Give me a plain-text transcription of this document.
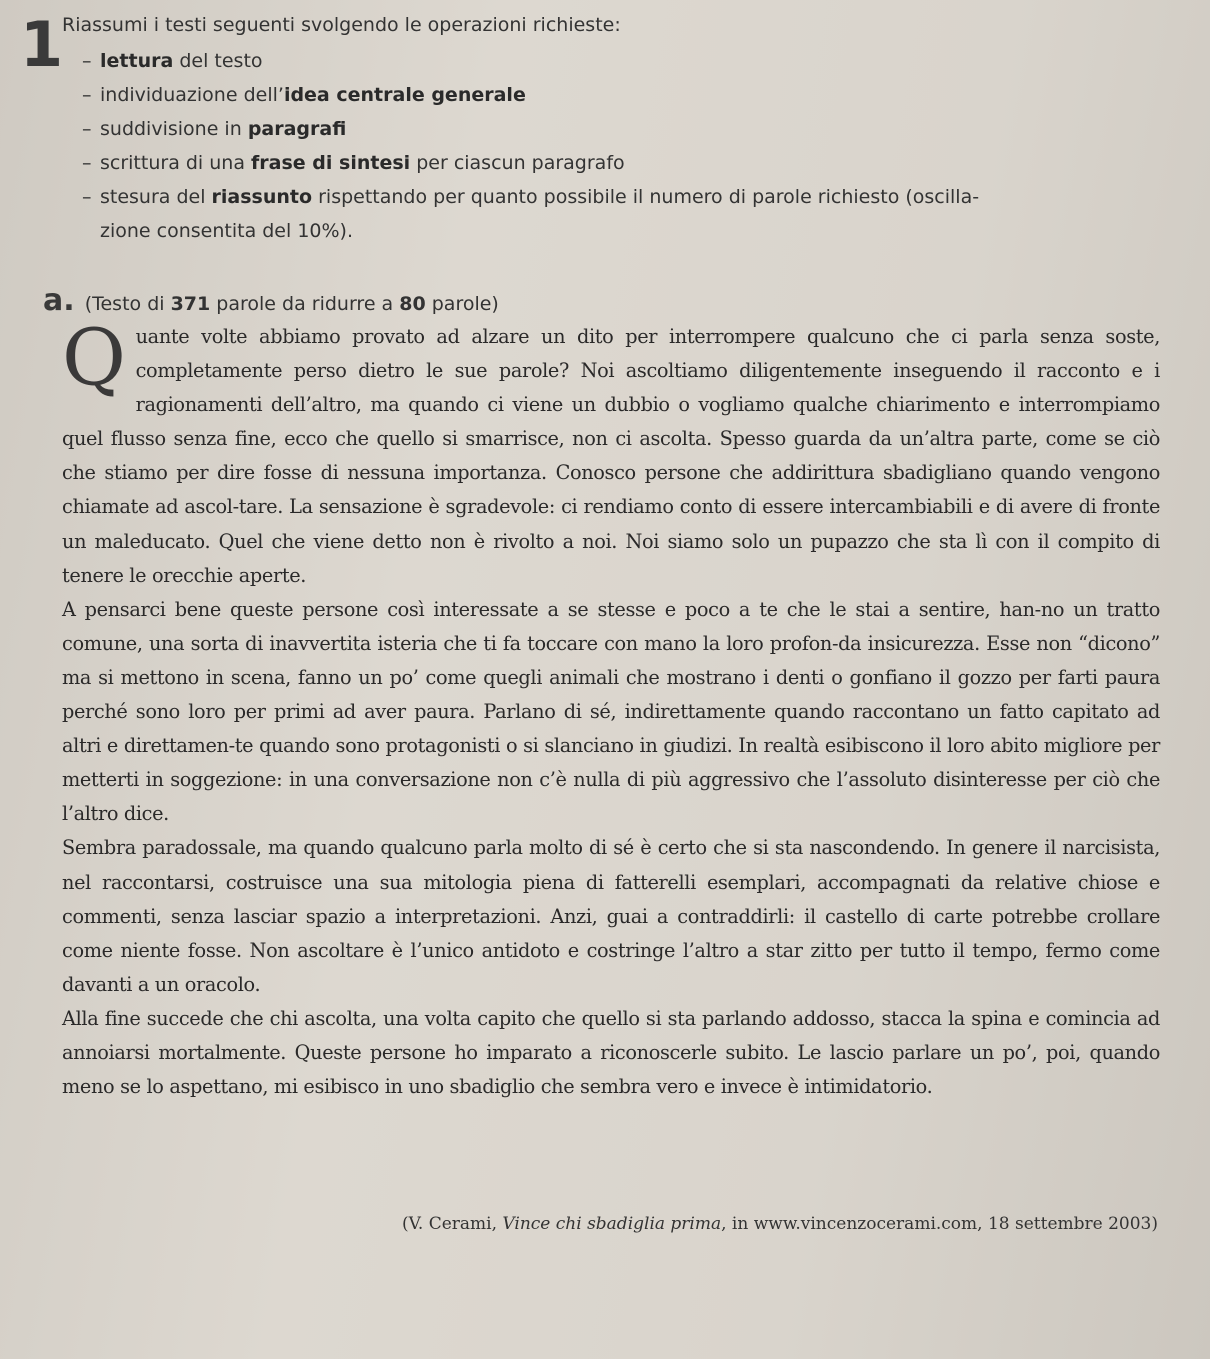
1
Riassumi i testi seguenti svolgendo le operazioni richieste:
– lettura del testo
– individuazione dell’idea centrale generale
– suddivisione in paragrafi
– scrittura di una frase di sintesi per ciascun paragrafo
– stesura del riassunto rispettando per quanto possibile il numero di parole richiesto (oscilla-
zione consentita del 10%).
a. (Testo di 371 parole da ridurre a 80 parole)

Quante volte abbiamo provato ad alzare un dito per interrompere qualcuno che ci parla senza soste, completamente perso dietro le sue parole? Noi ascoltiamo diligentemente inseguendo il racconto e i ragionamenti dell’altro, ma quando ci viene un dubbio o vogliamo qualche chiarimento e interrompiamo quel flusso senza fine, ecco che quello si smarrisce, non ci ascolta. Spesso guarda da un’altra parte, come se ciò che stiamo per dire fosse di nessuna importanza. Conosco persone che addirittura sbadigliano quando vengono chiamate ad ascol-tare. La sensazione è sgradevole: ci rendiamo conto di essere intercambiabili e di avere di fronte un maleducato. Quel che viene detto non è rivolto a noi. Noi siamo solo un pupazzo che sta lì con il compito di tenere le orecchie aperte.

A pensarci bene queste persone così interessate a se stesse e poco a te che le stai a sentire, han-no un tratto comune, una sorta di inavvertita isteria che ti fa toccare con mano la loro profon-da insicurezza. Esse non “dicono” ma si mettono in scena, fanno un po’ come quegli animali che mostrano i denti o gonfiano il gozzo per farti paura perché sono loro per primi ad aver paura. Parlano di sé, indirettamente quando raccontano un fatto capitato ad altri e direttamen-te quando sono protagonisti o si slanciano in giudizi. In realtà esibiscono il loro abito migliore per metterti in soggezione: in una conversazione non c’è nulla di più aggressivo che l’assoluto disinteresse per ciò che l’altro dice.

Sembra paradossale, ma quando qualcuno parla molto di sé è certo che si sta nascondendo. In genere il narcisista, nel raccontarsi, costruisce una sua mitologia piena di fatterelli esemplari, accompagnati da relative chiose e commenti, senza lasciar spazio a interpretazioni. Anzi, guai a contraddirli: il castello di carte potrebbe crollare come niente fosse. Non ascoltare è l’unico antidoto e costringe l’altro a star zitto per tutto il tempo, fermo come davanti a un oracolo.

Alla fine succede che chi ascolta, una volta capito che quello si sta parlando addosso, stacca la spina e comincia ad annoiarsi mortalmente. Queste persone ho imparato a riconoscerle subito. Le lascio parlare un po’, poi, quando meno se lo aspettano, mi esibisco in uno sbadiglio che sembra vero e invece è intimidatorio.

(V. Cerami, Vince chi sbadiglia prima, in www.vincenzocerami.com, 18 settembre 2003)
